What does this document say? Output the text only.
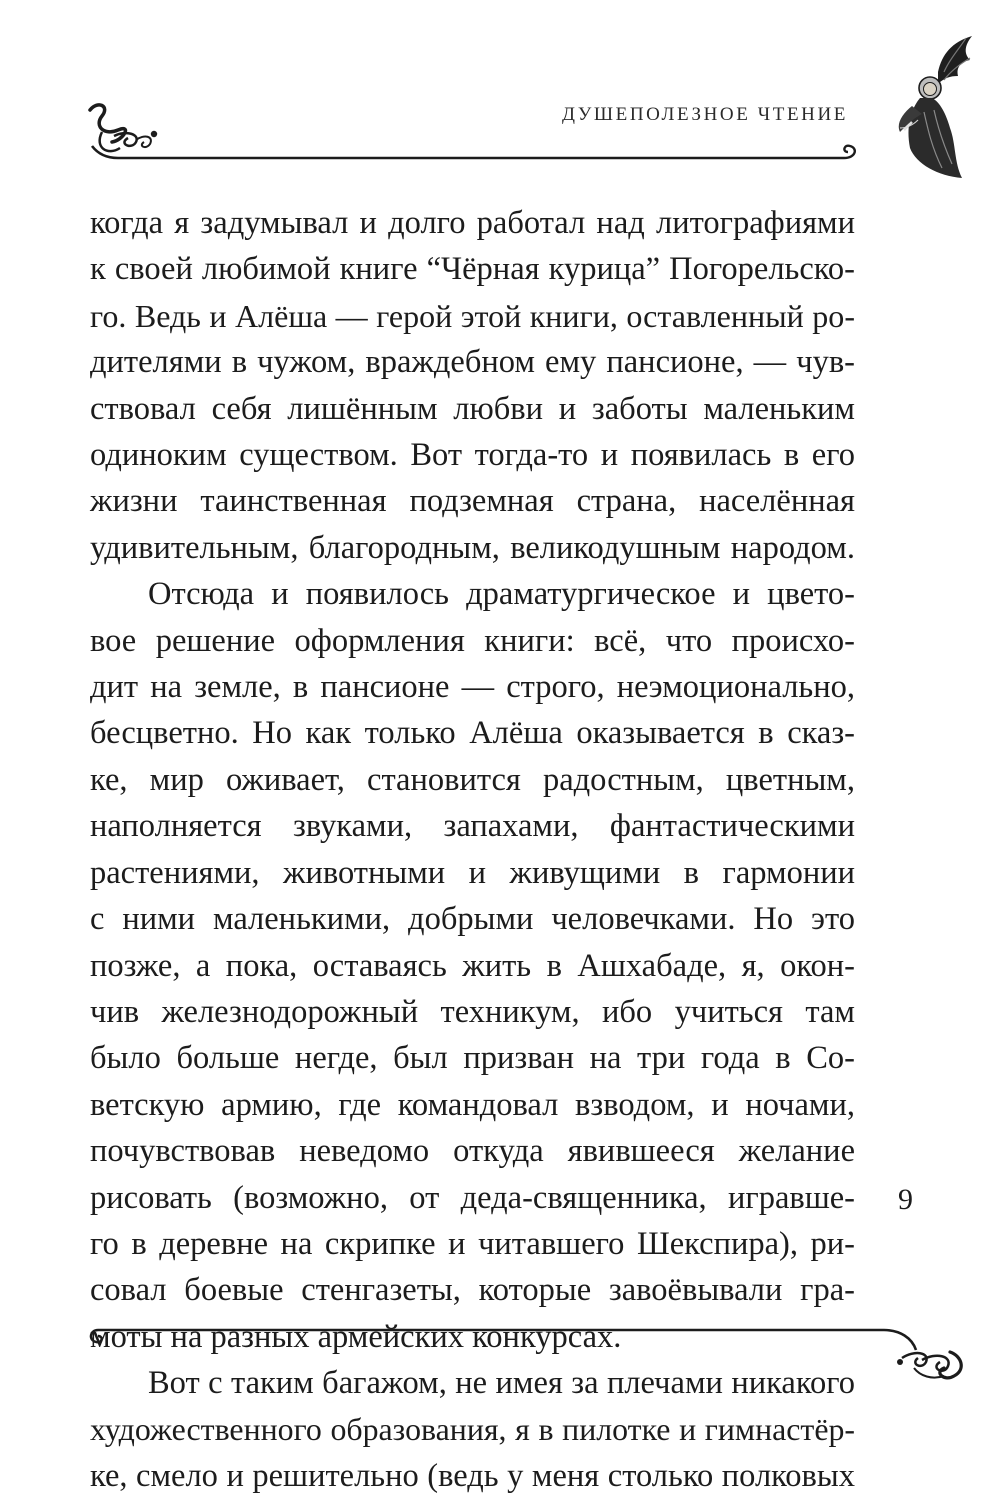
ДУШЕПОЛЕЗНОЕ ЧТЕНИЕ

когда я задумывал и долго работал над литографиями
к своей любимой книге “Чёрная курица” Погорельско-
го. Ведь и Алёша — герой этой книги, оставленный ро-
дителями в чужом, враждебном ему пансионе, — чув-
ствовал себя лишённым любви и заботы маленьким
одиноким существом. Вот тогда-то и появилась в его
жизни таинственная подземная страна, населённая
удивительным, благородным, великодушным народом.

Отсюда и появилось драматургическое и цвето-
вое решение оформления книги: всё, что происхо-
дит на земле, в пансионе — строго, неэмоционально,
бесцветно. Но как только Алёша оказывается в сказ-
ке, мир оживает, становится радостным, цветным,
наполняется звуками, запахами, фантастическими
растениями, животными и живущими в гармонии
с ними маленькими, добрыми человечками. Но это
позже, а пока, оставаясь жить в Ашхабаде, я, окон-
чив железнодорожный техникум, ибо учиться там
было больше негде, был призван на три года в Со-
ветскую армию, где командовал взводом, и ночами,
почувствовав неведомо откуда явившееся желание
рисовать (возможно, от деда-священника, игравше-
го в деревне на скрипке и читавшего Шекспира), ри-
совал боевые стенгазеты, которые завоёвывали гра-
моты на разных армейских конкурсах.

Вот с таким багажом, не имея за плечами никакого
художественного образования, я в пилотке и гимнастёр-
ке, смело и решительно (ведь у меня столько полковых

9
